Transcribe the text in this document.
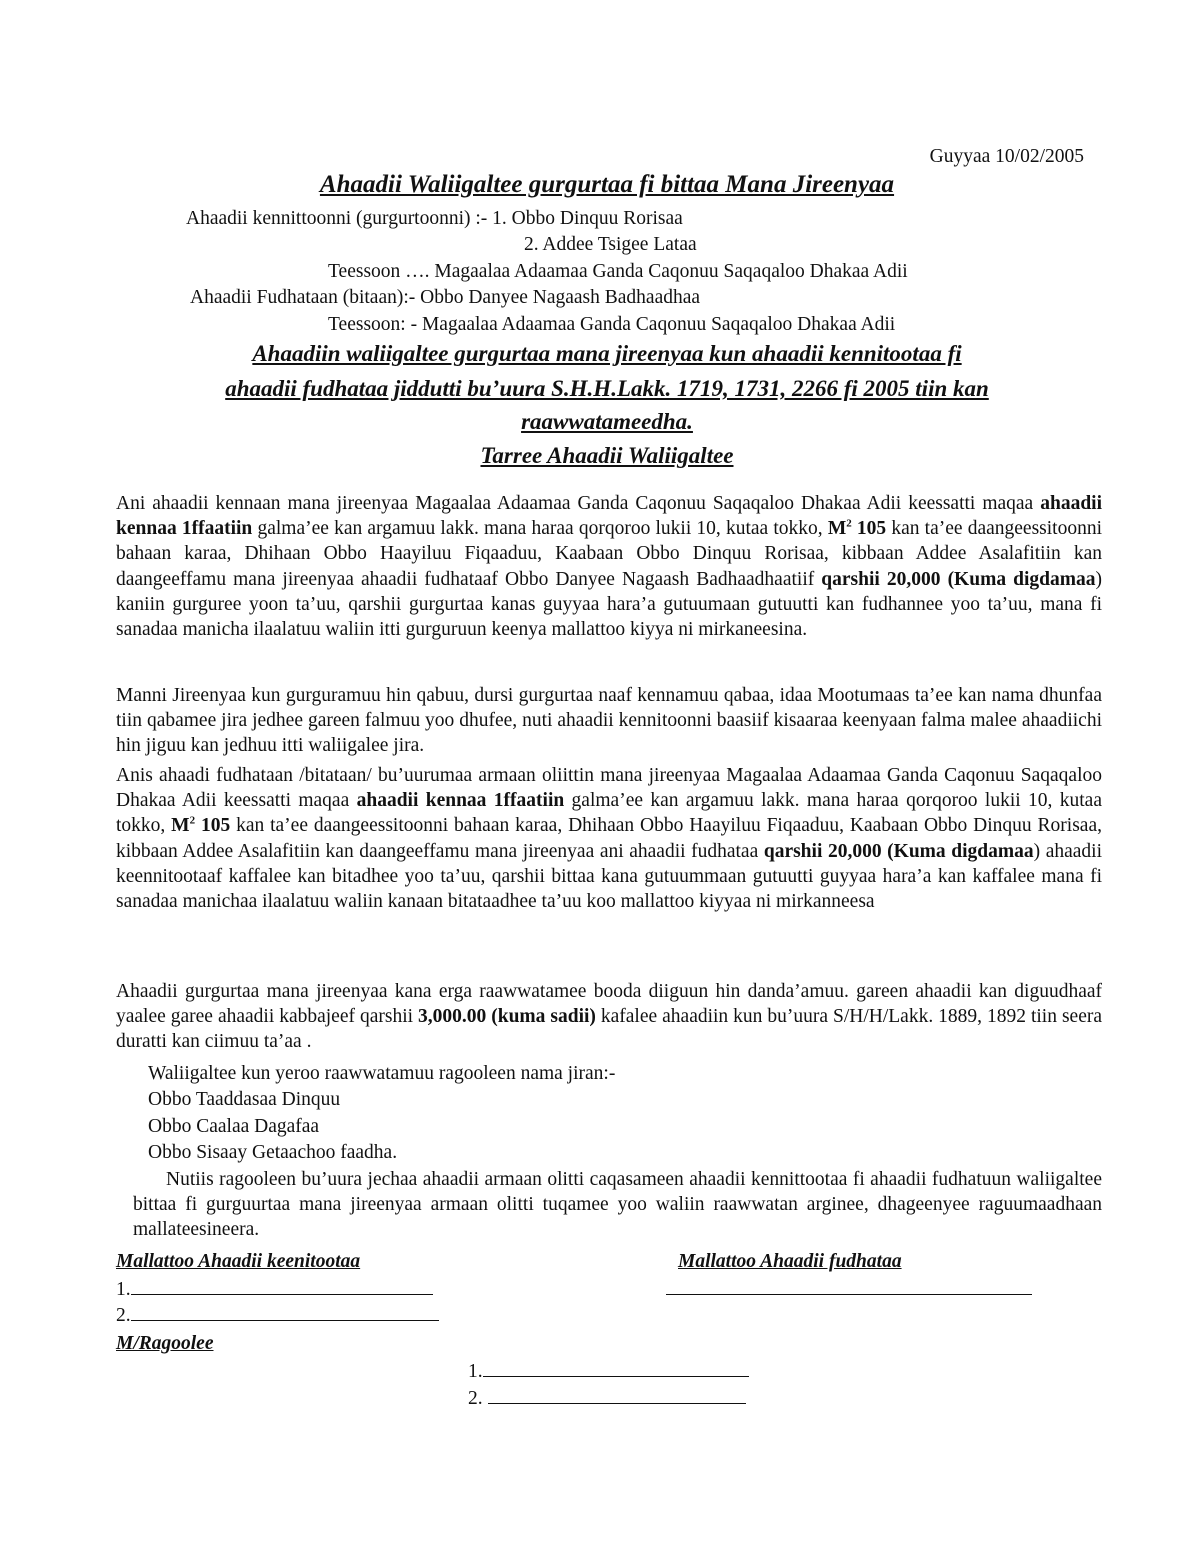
Guyyaa 10/02/2005
Ahaadii Waliigaltee gurgurtaa fi bittaa Mana Jireenyaa
Ahaadii kennittoonni (gurgurtoonni) :- 1. Obbo Dinquu Rorisaa
2. Addee Tsigee Lataa
Teessoon …. Magaalaa Adaamaa Ganda Caqonuu Saqaqaloo Dhakaa Adii
Ahaadii Fudhataan (bitaan):- Obbo Danyee Nagaash Badhaadhaa
Teessoon: - Magaalaa Adaamaa Ganda Caqonuu Saqaqaloo Dhakaa Adii
Ahaadiin waliigaltee gurgurtaa mana jireenyaa kun ahaadii kennitootaa fi
ahaadii fudhataa jiddutti bu’uura S.H.H.Lakk. 1719, 1731, 2266 fi 2005 tiin kan
raawwatameedha.
Tarree Ahaadii Waliigaltee
Ani ahaadii kennaan mana jireenyaa Magaalaa Adaamaa Ganda Caqonuu Saqaqaloo Dhakaa Adii keessatti maqaa ahaadii kennaa 1ffaatiin galma’ee kan argamuu lakk. mana haraa qorqoroo lukii 10, kutaa tokko, $M^2$ 105 kan ta’ee daangeessitoonni bahaan karaa, Dhihaan Obbo Haayiluu Fiqaaduu, Kaabaan Obbo Dinquu Rorisaa, kibbaan Addee Asalafitiin kan daangeeffamu mana jireenyaa ahaadii fudhataaf Obbo Danyee Nagaash Badhaadhaatiif qarshii 20,000 (Kuma digdamaa) kaniin gurguree yoon ta’uu, qarshii gurgurtaa kanas guyyaa hara’a gutuumaan gutuutti kan fudhannee yoo ta’uu, mana fi sanadaa manicha ilaalatuu waliin itti gurguruun keenya mallattoo kiyya ni mirkaneesina.
Manni Jireenyaa kun gurguramuu hin qabuu, dursi gurgurtaa naaf kennamuu qabaa, idaa Mootumaas ta’ee kan nama dhunfaa tiin qabamee jira jedhee gareen falmuu yoo dhufee, nuti ahaadii kennitoonni baasiif kisaaraa keenyaan falma malee ahaadiichi hin jiguu kan jedhuu itti waliigalee jira.
Anis ahaadi fudhataan /bitataan/ bu’uurumaa armaan oliittin mana jireenyaa Magaalaa Adaamaa Ganda Caqonuu Saqaqaloo Dhakaa Adii keessatti maqaa ahaadii kennaa 1ffaatiin galma’ee kan argamuu lakk. mana haraa qorqoroo lukii 10, kutaa tokko, $M^2$ 105 kan ta’ee daangeessitoonni bahaan karaa, Dhihaan Obbo Haayiluu Fiqaaduu, Kaabaan Obbo Dinquu Rorisaa, kibbaan Addee Asalafitiin kan daangeeffamu mana jireenyaa ani ahaadii fudhataa qarshii 20,000 (Kuma digdamaa) ahaadii keennitootaaf kaffalee kan bitadhee yoo ta’uu, qarshii bittaa kana gutuummaan gutuutti guyyaa hara’a kan kaffalee mana fi sanadaa manichaa ilaalatuu waliin kanaan bitataadhee ta’uu koo mallattoo kiyyaa ni mirkanneesa
Ahaadii gurgurtaa mana jireenyaa kana erga raawwatamee booda diiguun hin danda’amuu. gareen ahaadii kan diguudhaaf yaalee garee ahaadii kabbajeef qarshii 3,000.00 (kuma sadii) kafalee ahaadiin kun bu’uura S/H/H/Lakk. 1889, 1892 tiin seera duratti kan ciimuu ta’aa .
Waliigaltee kun yeroo raawwatamuu ragooleen nama jiran:-
Obbo Taaddasaa Dinquu
Obbo Caalaa Dagafaa
Obbo Sisaay Getaachoo faadha.
Nutiis ragooleen bu’uura jechaa ahaadii armaan olitti caqasameen ahaadii kennittootaa fi ahaadii fudhatuun waliigaltee bittaa fi gurguurtaa mana jireenyaa armaan olitti tuqamee yoo waliin raawwatan arginee, dhageenyee raguumaadhaan mallateesineera.
Mallattoo Ahaadii keenitootaa	Mallattoo Ahaadii fudhataa
1.
2.
M/Ragoolee
1.
2.
